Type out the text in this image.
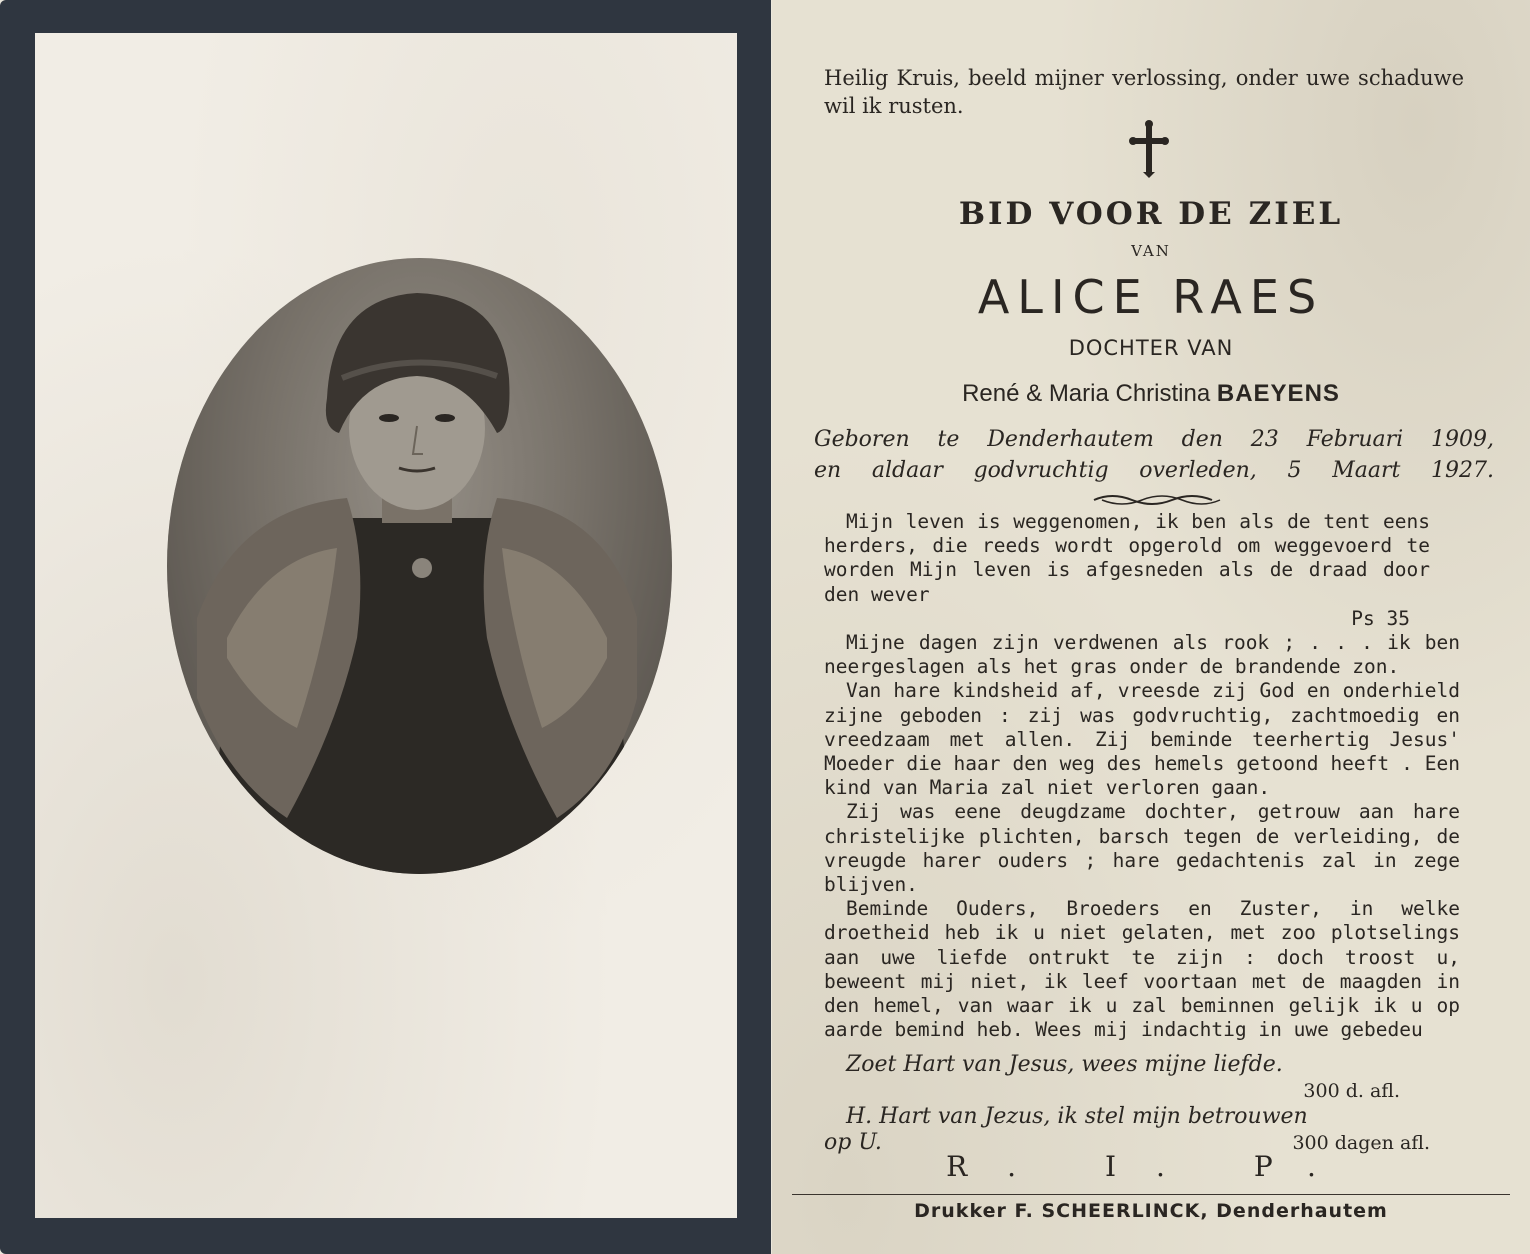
Heilig Kruis, beeld mijner verlossing, onder uwe schaduwe wil ik rusten.
BID VOOR DE ZIEL
VAN
ALICE RAES
DOCHTER VAN
René & Maria Christina BAEYENS
Geboren te Denderhautem den 23 Februari 1909,
en aldaar godvruchtig overleden, 5 Maart 1927.

Mijn leven is weggenomen, ik ben als de tent eens herders, die reeds wordt opgerold om weggevoerd te worden Mijn leven is afgesneden als de draad door den wever

Ps 35

Mijne dagen zijn verdwenen als rook ; . . . ik ben neergeslagen als het gras onder de brandende zon.

Van hare kindsheid af, vreesde zij God en onderhield zijne geboden : zij was godvruchtig, zachtmoedig en vreedzaam met allen. Zij beminde teerhertig Jesus' Moeder die haar den weg des hemels getoond heeft . Een kind van Maria zal niet verloren gaan.

Zij was eene deugdzame dochter, getrouw aan hare christelijke plichten, barsch tegen de verleiding, de vreugde harer ouders ; hare gedachtenis zal in zege blijven.

Beminde Ouders, Broeders en Zuster, in welke droetheid heb ik u niet gelaten, met zoo plotselings aan uwe liefde ontrukt te zijn : doch troost u, beweent mij niet, ik leef voortaan met de maagden in den hemel, van waar ik u zal beminnen gelijk ik u op aarde bemind heb. Wees mij indachtig in uwe gebedeu

Zoet Hart van Jesus, wees mijne liefde.
300 d. afl.
H. Hart van Jezus, ik stel mijn betrouwen
op U.	300 dagen afl.
R. I. P.
Drukker F. SCHEERLINCK, Denderhautem
